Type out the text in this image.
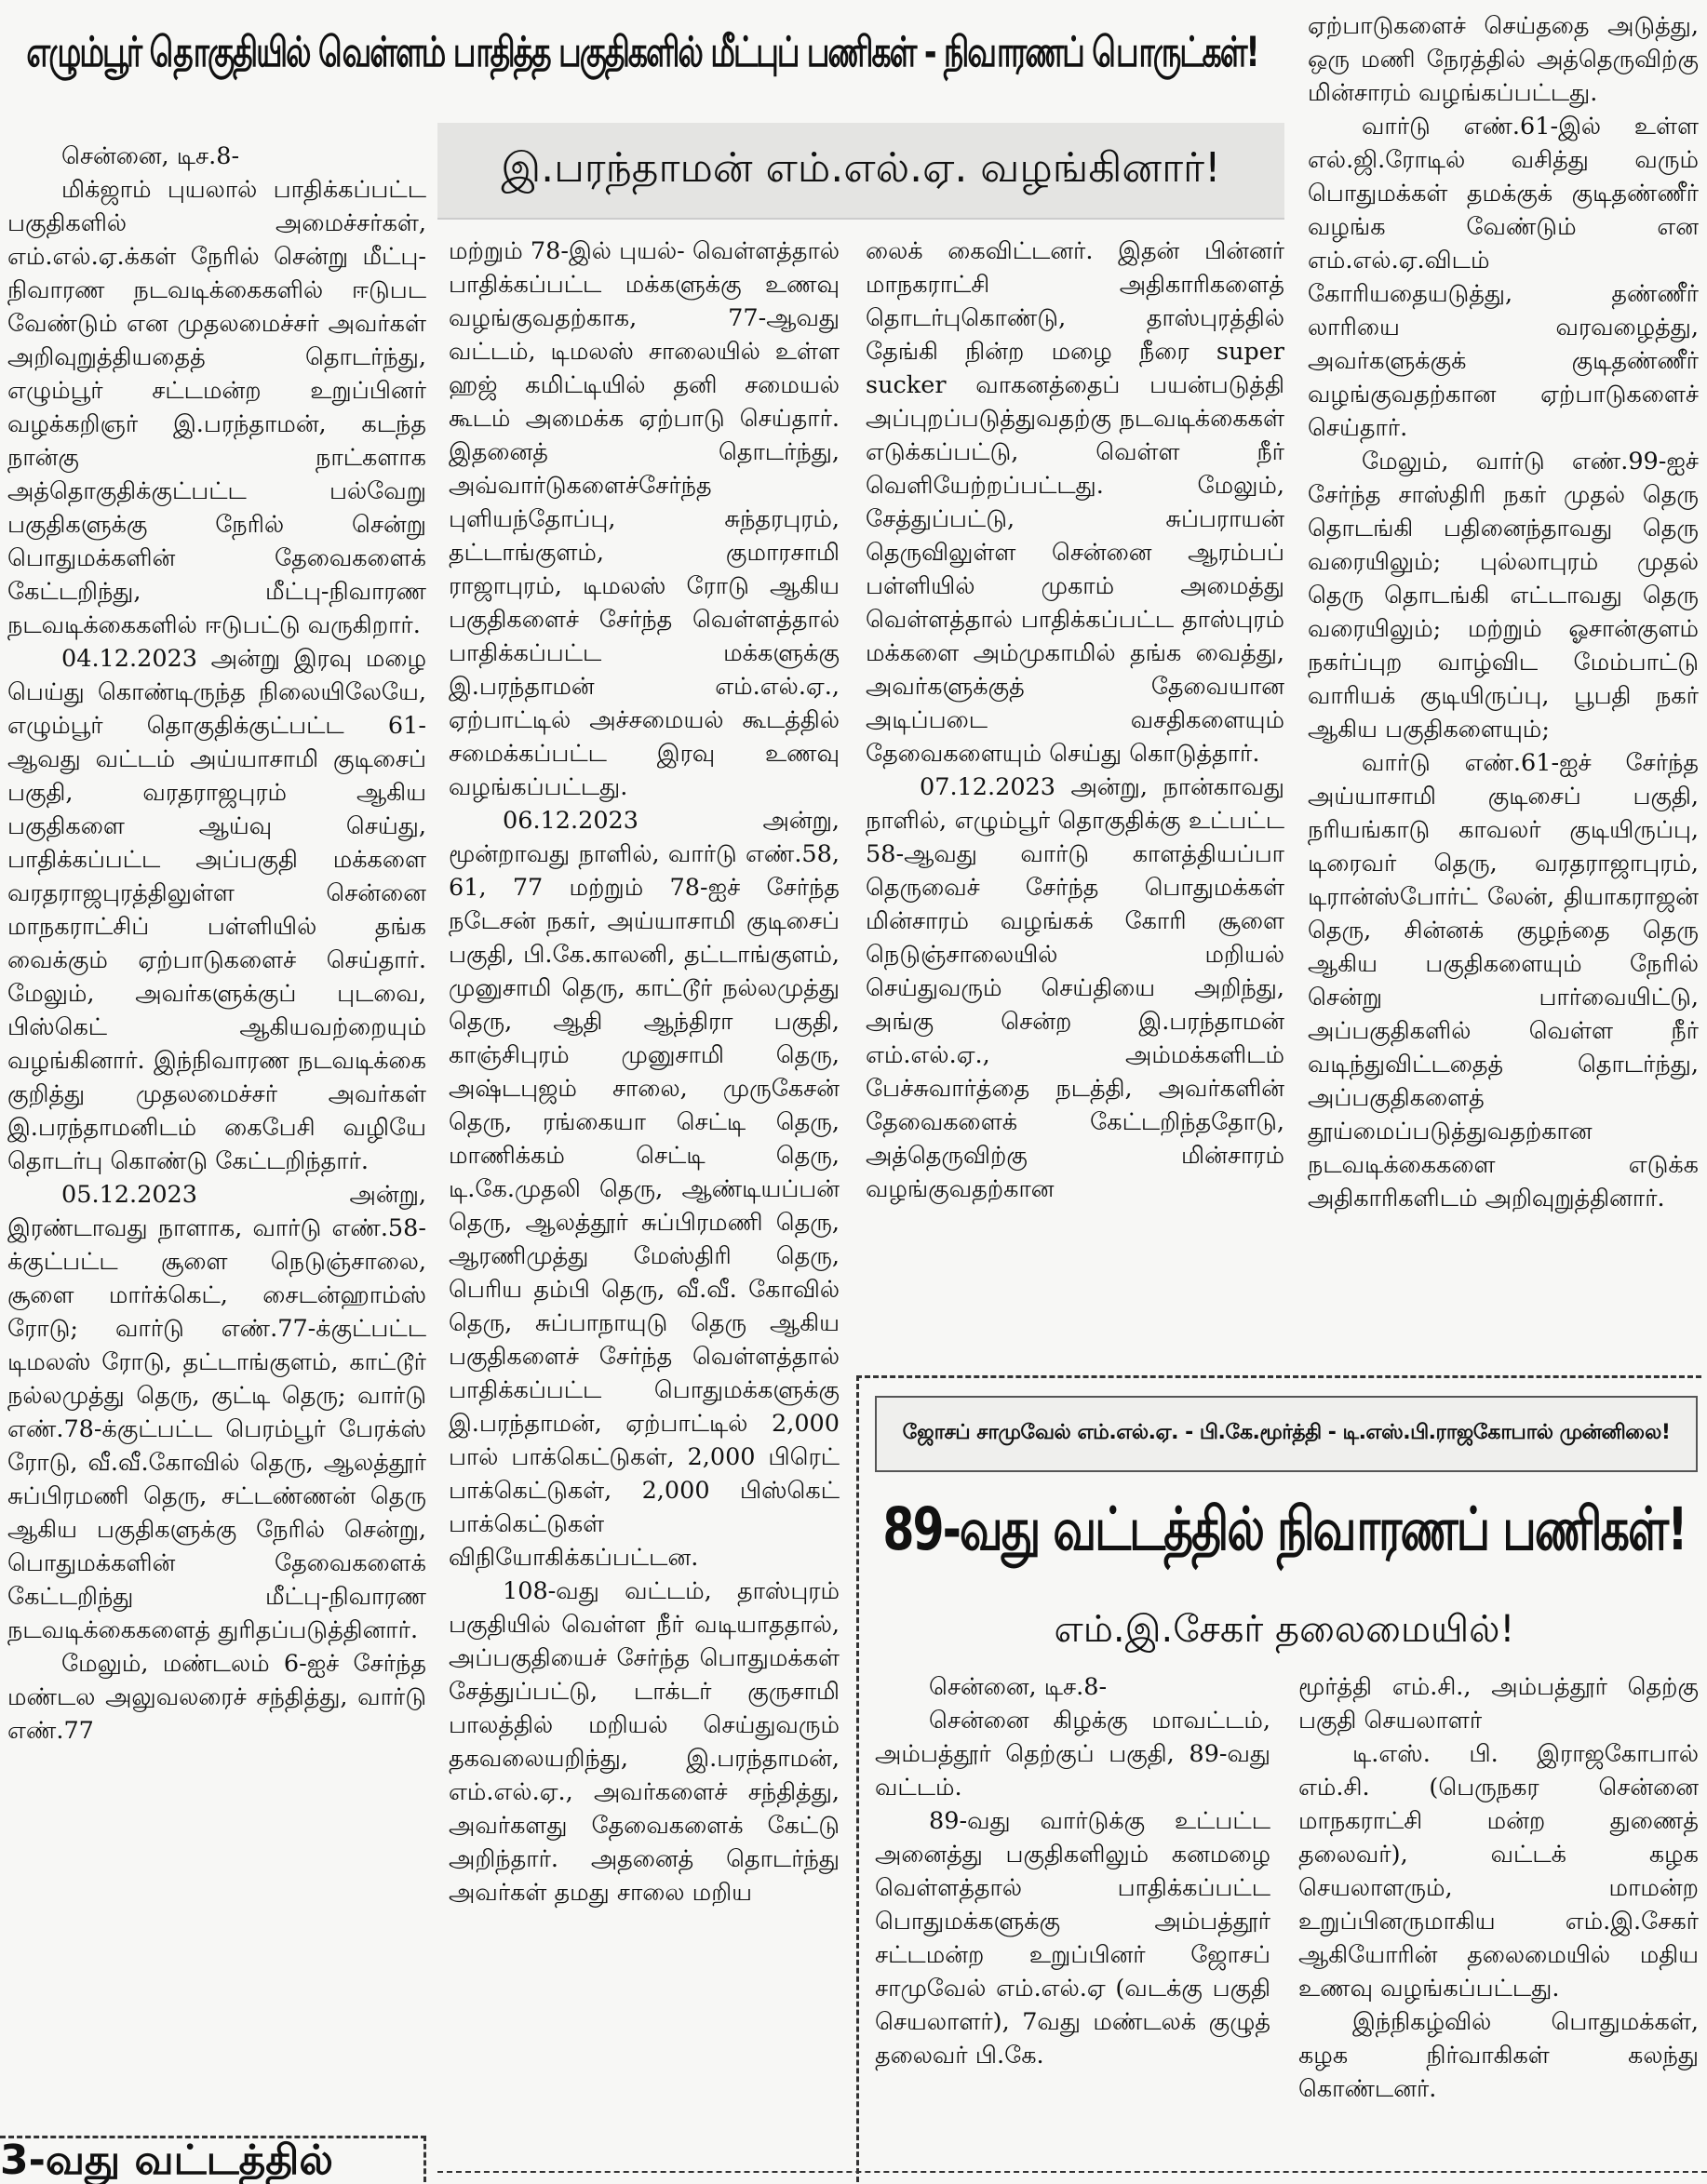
எழும்பூர் தொகுதியில் வெள்ளம் பாதித்த பகுதிகளில் மீட்புப் பணிகள் - நிவாரணப் பொருட்கள்!
இ.பரந்தாமன் எம்.எல்.ஏ. வழங்கினார்!

சென்னை, டிச.8-

மிக்ஜாம் புயலால் பாதிக்கப்பட்ட பகுதிகளில் அமைச்சர்கள், எம்.எல்.ஏ.க்கள் நேரில் சென்று மீட்பு-நிவாரண நடவடிக்கைகளில் ஈடுபட வேண்டும் என முதலமைச்சர் அவர்கள் அறிவுறுத்தியதைத் தொடர்ந்து, எழும்பூர் சட்டமன்ற உறுப்பினர் வழக்கறிஞர் இ.பரந்தாமன், கடந்த நான்கு நாட்களாக அத்தொகுதிக்குட்பட்ட பல்வேறு பகுதிகளுக்கு நேரில் சென்று பொதுமக்களின் தேவைகளைக் கேட்டறிந்து, மீட்பு-நிவாரண நடவடிக்கைகளில் ஈடுபட்டு வருகிறார்.

04.12.2023 அன்று இரவு மழை பெய்து கொண்டிருந்த நிலையிலேயே, எழும்பூர் தொகுதிக்குட்பட்ட 61-ஆவது வட்டம் அய்யாசாமி குடிசைப் பகுதி, வரதராஜபுரம் ஆகிய பகுதிகளை ஆய்வு செய்து, பாதிக்கப்பட்ட அப்பகுதி மக்களை வரதராஜபுரத்திலுள்ள சென்னை மாநகராட்சிப் பள்ளியில் தங்க வைக்கும் ஏற்பாடுகளைச் செய்தார். மேலும், அவர்களுக்குப் புடவை, பிஸ்கெட் ஆகியவற்றையும் வழங்கினார். இந்நிவாரண நடவடிக்கை குறித்து முதலமைச்சர் அவர்கள் இ.பரந்தாமனிடம் கைபேசி வழியே தொடர்பு கொண்டு கேட்டறிந்தார்.

05.12.2023 அன்று, இரண்டாவது நாளாக, வார்டு எண்.58-க்குட்பட்ட சூளை நெடுஞ்சாலை, சூளை மார்க்கெட், சைடன்ஹாம்ஸ் ரோடு; வார்டு எண்.77-க்குட்பட்ட டிமலஸ் ரோடு, தட்டாங்குளம், காட்டூர் நல்லமுத்து தெரு, குட்டி தெரு; வார்டு எண்.78-க்குட்பட்ட பெரம்பூர் பேரக்ஸ் ரோடு, வீ.வீ.கோவில் தெரு, ஆலத்தூர் சுப்பிரமணி தெரு, சட்டண்ணன் தெரு ஆகிய பகுதிகளுக்கு நேரில் சென்று, பொதுமக்களின் தேவைகளைக் கேட்டறிந்து மீட்பு-நிவாரண நடவடிக்கைகளைத் துரிதப்படுத்தினார்.

மேலும், மண்டலம் 6-ஐச் சேர்ந்த மண்டல அலுவலரைச் சந்தித்து, வார்டு எண்.77

மற்றும் 78-இல் புயல்- வெள்ளத்தால் பாதிக்கப்பட்ட மக்களுக்கு உணவு வழங்குவதற்காக, 77-ஆவது வட்டம், டிமலஸ் சாலையில் உள்ள ஹஜ் கமிட்டியில் தனி சமையல் கூடம் அமைக்க ஏற்பாடு செய்தார். இதனைத் தொடர்ந்து, அவ்வார்டுகளைச்சேர்ந்த புளியந்தோப்பு, சுந்தரபுரம், தட்டாங்குளம், குமாரசாமி ராஜாபுரம், டிமலஸ் ரோடு ஆகிய பகுதிகளைச் சேர்ந்த வெள்ளத்தால் பாதிக்கப்பட்ட மக்களுக்கு இ.பரந்தாமன் எம்.எல்.ஏ., ஏற்பாட்டில் அச்சமையல் கூடத்தில் சமைக்கப்பட்ட இரவு உணவு வழங்கப்பட்டது.

06.12.2023 அன்று, மூன்றாவது நாளில், வார்டு எண்.58, 61, 77 மற்றும் 78-ஐச் சேர்ந்த நடேசன் நகர், அய்யாசாமி குடிசைப் பகுதி, பி.கே.காலனி, தட்டாங்குளம், முனுசாமி தெரு, காட்டூர் நல்லமுத்து தெரு, ஆதி ஆந்திரா பகுதி, காஞ்சிபுரம் முனுசாமி தெரு, அஷ்டபுஜம் சாலை, முருகேசன் தெரு, ரங்கையா செட்டி தெரு, மாணிக்கம் செட்டி தெரு, டி.கே.முதலி தெரு, ஆண்டியப்பன் தெரு, ஆலத்தூர் சுப்பிரமணி தெரு, ஆரணிமுத்து மேஸ்திரி தெரு, பெரிய தம்பி தெரு, வீ.வீ. கோவில் தெரு, சுப்பாநாயுடு தெரு ஆகிய பகுதிகளைச் சேர்ந்த வெள்ளத்தால் பாதிக்கப்பட்ட பொதுமக்களுக்கு இ.பரந்தாமன், ஏற்பாட்டில் 2,000 பால் பாக்கெட்டுகள், 2,000 பிரெட் பாக்கெட்டுகள், 2,000 பிஸ்கெட் பாக்கெட்டுகள் விநியோகிக்கப்பட்டன.

108-வது வட்டம், தாஸ்புரம் பகுதியில் வெள்ள நீர் வடியாததால், அப்பகுதியைச் சேர்ந்த பொதுமக்கள் சேத்துப்பட்டு, டாக்டர் குருசாமி பாலத்தில் மறியல் செய்துவரும் தகவலையறிந்து, இ.பரந்தாமன், எம்.எல்.ஏ., அவர்களைச் சந்தித்து, அவர்களது தேவைகளைக் கேட்டு அறிந்தார். அதனைத் தொடர்ந்து அவர்கள் தமது சாலை மறிய

லைக் கைவிட்டனர். இதன் பின்னர் மாநகராட்சி அதிகாரிகளைத் தொடர்புகொண்டு, தாஸ்புரத்தில் தேங்கி நின்ற மழை நீரை super sucker வாகனத்தைப் பயன்படுத்தி அப்புறப்படுத்துவதற்கு நடவடிக்கைகள் எடுக்கப்பட்டு, வெள்ள நீர் வெளியேற்றப்பட்டது. மேலும், சேத்துப்பட்டு, சுப்பராயன் தெருவிலுள்ள சென்னை ஆரம்பப் பள்ளியில் முகாம் அமைத்து வெள்ளத்தால் பாதிக்கப்பட்ட தாஸ்புரம் மக்களை அம்முகாமில் தங்க வைத்து, அவர்களுக்குத் தேவையான அடிப்படை வசதிகளையும் தேவைகளையும் செய்து கொடுத்தார்.

07.12.2023 அன்று, நான்காவது நாளில், எழும்பூர் தொகுதிக்கு உட்பட்ட 58-ஆவது வார்டு காளத்தியப்பா தெருவைச் சேர்ந்த பொதுமக்கள் மின்சாரம் வழங்கக் கோரி சூளை நெடுஞ்சாலையில் மறியல் செய்துவரும் செய்தியை அறிந்து, அங்கு சென்ற இ.பரந்தாமன் எம்.எல்.ஏ., அம்மக்களிடம் பேச்சுவார்த்தை நடத்தி, அவர்களின் தேவைகளைக் கேட்டறிந்ததோடு, அத்தெருவிற்கு மின்சாரம் வழங்குவதற்கான

ஏற்பாடுகளைச் செய்ததை அடுத்து, ஒரு மணி நேரத்தில் அத்தெருவிற்கு மின்சாரம் வழங்கப்பட்டது.

வார்டு எண்.61-இல் உள்ள எல்.ஜி.ரோடில் வசித்து வரும் பொதுமக்கள் தமக்குக் குடிதண்ணீர் வழங்க வேண்டும் என எம்.எல்.ஏ.விடம் கோரியதையடுத்து, தண்ணீர் லாரியை வரவழைத்து, அவர்களுக்குக் குடிதண்ணீர் வழங்குவதற்கான ஏற்பாடுகளைச் செய்தார்.

மேலும், வார்டு எண்.99-ஐச் சேர்ந்த சாஸ்திரி நகர் முதல் தெரு தொடங்கி பதினைந்தாவது தெரு வரையிலும்; புல்லாபுரம் முதல் தெரு தொடங்கி எட்டாவது தெரு வரையிலும்; மற்றும் ஓசான்குளம் நகர்ப்புற வாழ்விட மேம்பாட்டு வாரியக் குடியிருப்பு, பூபதி நகர் ஆகிய பகுதிகளையும்;

வார்டு எண்.61-ஐச் சேர்ந்த அய்யாசாமி குடிசைப் பகுதி, நரியங்காடு காவலர் குடியிருப்பு, டிரைவர் தெரு, வரதராஜாபுரம், டிரான்ஸ்போர்ட் லேன், தியாகராஜன் தெரு, சின்னக் குழந்தை தெரு ஆகிய பகுதிகளையும் நேரில் சென்று பார்வையிட்டு, அப்பகுதிகளில் வெள்ள நீர் வடிந்துவிட்டதைத் தொடர்ந்து, அப்பகுதிகளைத் தூய்மைப்படுத்துவதற்கான நடவடிக்கைகளை எடுக்க அதிகாரிகளிடம் அறிவுறுத்தினார்.

ஜோசப் சாமுவேல் எம்.எல்.ஏ. - பி.கே.மூர்த்தி - டி.எஸ்.பி.ராஜகோபால் முன்னிலை!
89-வது வட்டத்தில் நிவாரணப் பணிகள்!
எம்.இ.சேகர் தலைமையில்!

சென்னை, டிச.8-

சென்னை கிழக்கு மாவட்டம், அம்பத்தூர் தெற்குப் பகுதி, 89-வது வட்டம்.

89-வது வார்டுக்கு உட்பட்ட அனைத்து பகுதிகளிலும் கனமழை வெள்ளத்தால் பாதிக்கப்பட்ட பொதுமக்களுக்கு அம்பத்தூர் சட்டமன்ற உறுப்பினர் ஜோசப் சாமுவேல் எம்.எல்.ஏ (வடக்கு பகுதி செயலாளர்), 7வது மண்டலக் குழுத் தலைவர் பி.கே.

மூர்த்தி எம்.சி., அம்பத்தூர் தெற்கு பகுதி செயலாளர்

டி.எஸ். பி. இராஜகோபால் எம்.சி. (பெருநகர சென்னை மாநகராட்சி மன்ற துணைத் தலைவர்), வட்டக் கழக செயலாளரும், மாமன்ற உறுப்பினருமாகிய எம்.இ.சேகர் ஆகியோரின் தலைமையில் மதிய உணவு வழங்கப்பட்டது.

இந்நிகழ்வில் பொதுமக்கள், கழக நிர்வாகிகள் கலந்து கொண்டனர்.

3-வது வட்டத்தில்
